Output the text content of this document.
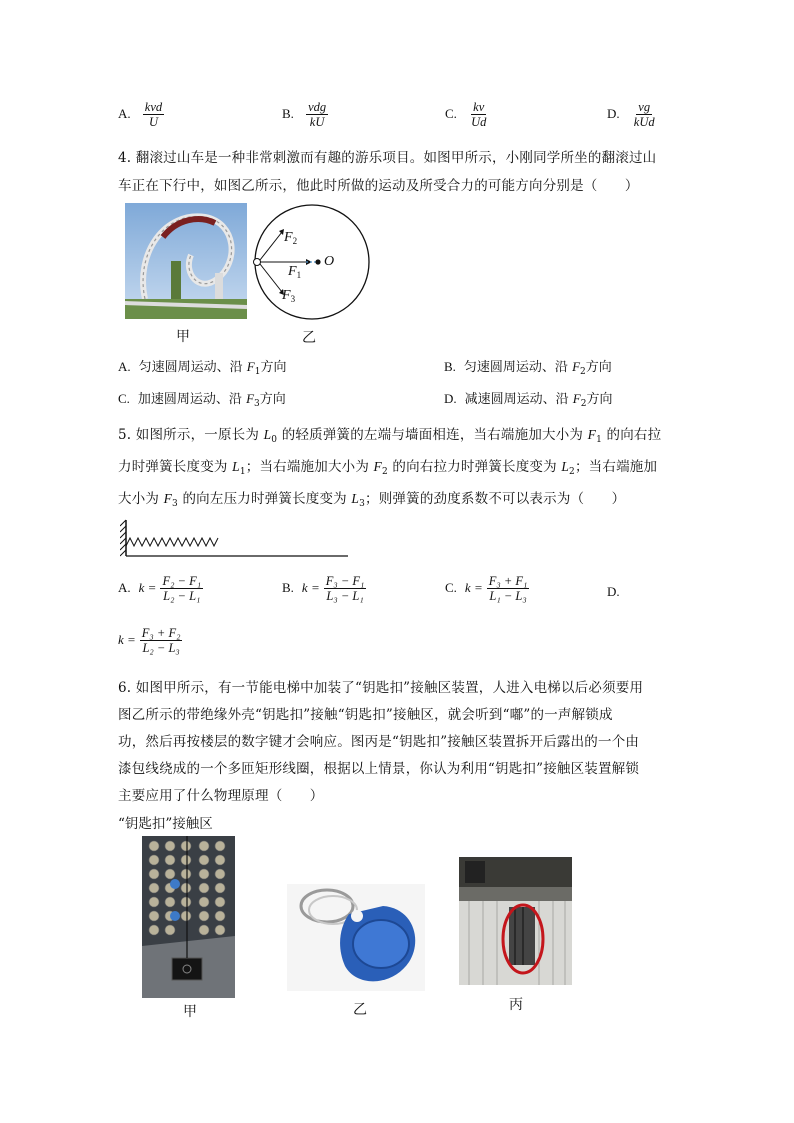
A. $\frac{\text{kvd}}{U}$	B. $\frac{\text{vdg}}{kU}$	C. $\frac{kv}{Ud}$	D. $\frac{vg}{\text{kUd}}$
4. 翻滚过山车是一种非常刺激而有趣的游乐项目。如图甲所示，小刚同学所坐的翻滚过山
车正在下行中，如图乙所示，他此时所做的运动及所受合力的可能方向分别是（　　）
甲
$F_2$
$F_1$
$F_3$
O
乙
A. 匀速圆周运动、沿 $F_1$方向	B. 匀速圆周运动、沿 $F_2$方向
C. 加速圆周运动、沿 $F_3$方向	D. 减速圆周运动、沿 $F_2$方向
5. 如图所示，一原长为 $L_0$ 的轻质弹簧的左端与墙面相连，当右端施加大小为 $F_1$ 的向右拉
力时弹簧长度变为 $L_1$；当右端施加大小为 $F_2$ 的向右拉力时弹簧长度变为 $L_2$；当右端施加
大小为 $F_3$ 的向左压力时弹簧长度变为 $L_3$；则弹簧的劲度系数不可以表示为（　　）
A. $k = \frac{\text{F₂ − F₁}}{\text{L₂ − L₁}}$	B. $k = \frac{\text{F₃ − F₁}}{\text{L₃ − L₁}}$	C. $k = \frac{\text{F₃ + F₁}}{\text{L₁ − L₃}}$	D.
$k = \frac{\text{F₃ + F₂}}{\text{L₂ − L₃}}$
6. 如图甲所示，有一节能电梯中加装了“钥匙扣”接触区装置，人进入电梯以后必须要用
图乙所示的带绝缘外壳“钥匙扣”接触“钥匙扣”接触区，就会听到“嘟”的一声解锁成
功，然后再按楼层的数字键才会响应。图丙是“钥匙扣”接触区装置拆开后露出的一个由
漆包线绕成的一个多匝矩形线圈，根据以上情景，你认为利用“钥匙扣”接触区装置解锁
主要应用了什么物理原理（　　）
“钥匙扣”接触区
甲	乙	丙
